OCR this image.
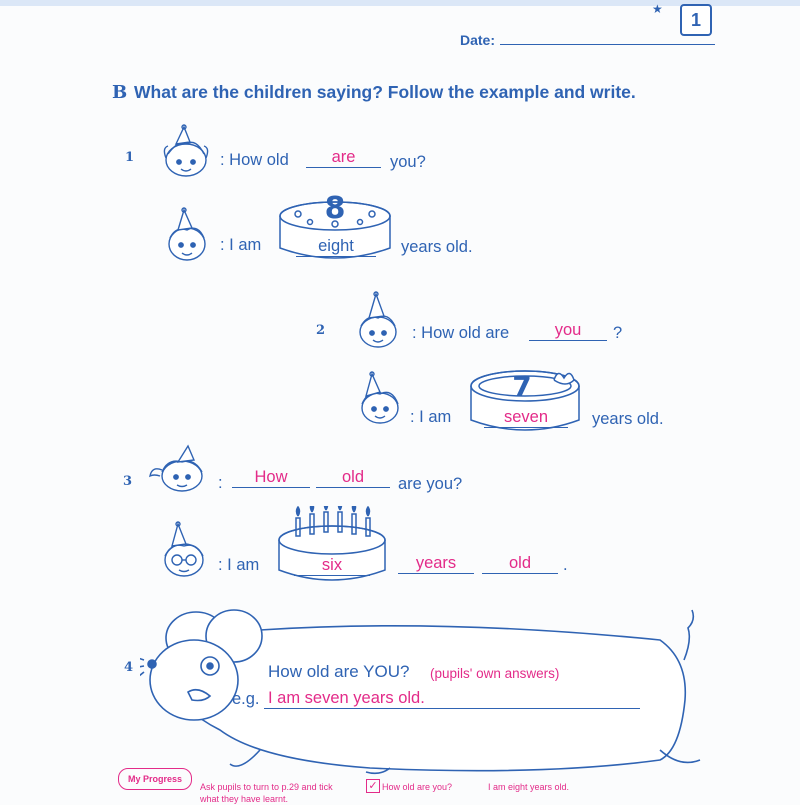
★
1
Date:
B What are the children saying? Follow the example and write.
1	: How old	are	you?
: I am
8
eight	years old.
2	: How old are	you	?
: I am
7
seven	years old.
3	:	How	old	are you?
: I am	six	years	old	.
4	How old are YOU? (pupils' own answers)
e.g. I am seven years old.
My Progress
Ask pupils to turn to p.29 and tick what they have learnt.
✓ How old are you?	I am eight years old.
